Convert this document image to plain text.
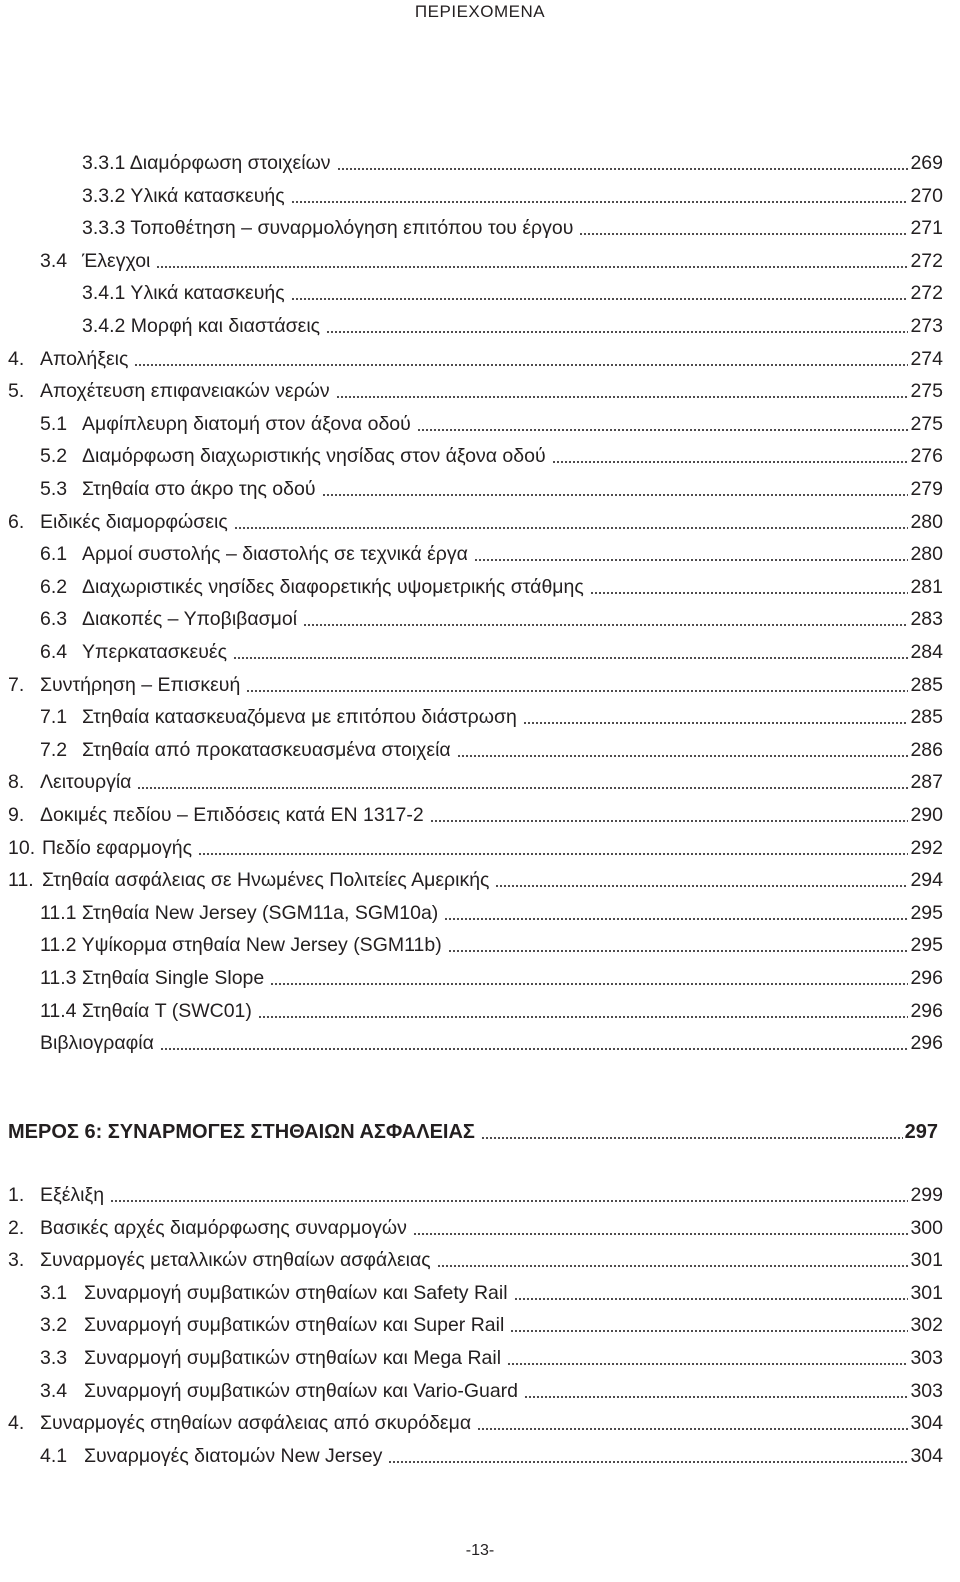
ΠΕΡΙΕΧΟΜΕΝΑ
3.3.1 Διαμόρφωση στοιχείων	269
3.3.2 Υλικά κατασκευής	270
3.3.3 Τοποθέτηση – συναρμολόγηση επιτόπου του έργου	271
3.4 Έλεγχοι	272
3.4.1 Υλικά κατασκευής	272
3.4.2 Μορφή και διαστάσεις	273
4. Απολήξεις	274
5. Αποχέτευση επιφανειακών νερών	275
5.1 Αμφίπλευρη διατομή στον άξονα οδού	275
5.2 Διαμόρφωση διαχωριστικής νησίδας στον άξονα οδού	276
5.3 Στηθαία στο άκρο της οδού	279
6. Ειδικές διαμορφώσεις	280
6.1 Αρμοί συστολής – διαστολής σε τεχνικά έργα	280
6.2 Διαχωριστικές νησίδες διαφορετικής υψομετρικής στάθμης	281
6.3 Διακοπές – Υποβιβασμοί	283
6.4 Υπερκατασκευές	284
7. Συντήρηση – Επισκευή	285
7.1 Στηθαία κατασκευαζόμενα με επιτόπου διάστρωση	285
7.2 Στηθαία από προκατασκευασμένα στοιχεία	286
8. Λειτουργία	287
9. Δοκιμές πεδίου – Επιδόσεις κατά ΕΝ 1317-2	290
10. Πεδίο εφαρμογής	292
11. Στηθαία ασφάλειας σε Ηνωμένες Πολιτείες Αμερικής	294
11.1 Στηθαία New Jersey (SGM11a, SGM10a)	295
11.2 Υψίκορμα στηθαία New Jersey (SGM11b)	295
11.3 Στηθαία Single Slope	296
11.4 Στηθαία T (SWC01)	296
Βιβλιογραφία	296
ΜΕΡΟΣ 6: ΣΥΝΑΡΜΟΓΕΣ ΣΤΗΘΑΙΩΝ ΑΣΦΑΛΕΙΑΣ	297
1. Εξέλιξη	299
2. Βασικές αρχές διαμόρφωσης συναρμογών	300
3. Συναρμογές μεταλλικών στηθαίων ασφάλειας	301
3.1 Συναρμογή συμβατικών στηθαίων και Safety Rail	301
3.2 Συναρμογή συμβατικών στηθαίων και Super Rail	302
3.3 Συναρμογή συμβατικών στηθαίων και Mega Rail	303
3.4 Συναρμογή συμβατικών στηθαίων και Vario-Guard	303
4. Συναρμογές στηθαίων ασφάλειας από σκυρόδεμα	304
4.1 Συναρμογές διατομών New Jersey	304
-13-
